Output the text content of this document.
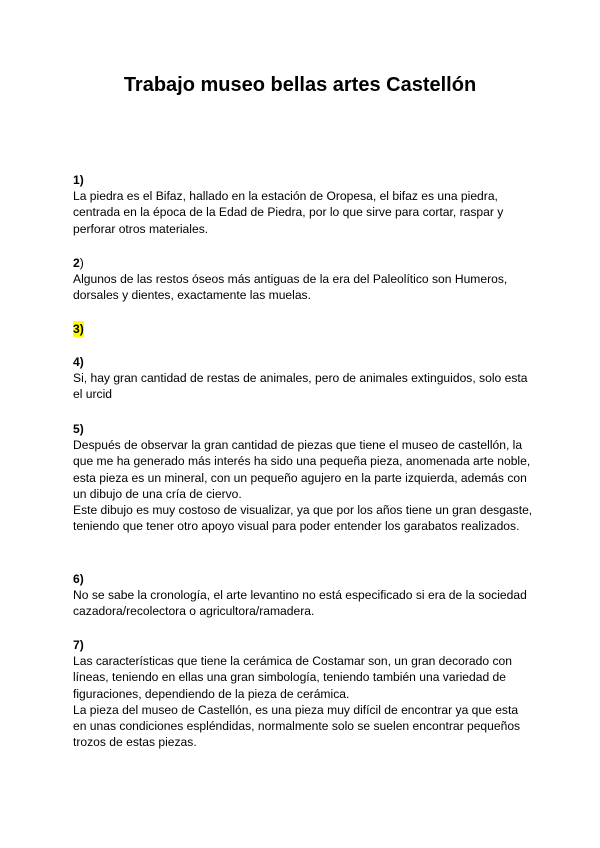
Trabajo museo bellas artes Castellón
1)

La piedra es el Bifaz, hallado en la estación de Oropesa, el bifaz es una piedra, centrada en la época de la Edad de Piedra, por lo que sirve para cortar, raspar y perforar otros materiales.

2)

Algunos de las restos óseos más antiguas de la era del Paleolítico son Humeros, dorsales y dientes, exactamente las muelas.

3)
4)

Si, hay gran cantidad de restas de animales, pero de animales extinguidos, solo esta el urcid

5)

Después de observar la gran cantidad de piezas que tiene el museo de castellón, la que me ha generado más interés ha sido una pequeña pieza, anomenada arte noble, esta pieza es un mineral, con un pequeño agujero en la parte izquierda, además con un dibujo de una cría de ciervo.

Este dibujo es muy costoso de visualizar, ya que por los años tiene un gran desgaste, teniendo que tener otro apoyo visual para poder entender los garabatos realizados.

6)

No se sabe la cronología, el arte levantino no está especificado si era de la sociedad cazadora/recolectora o agricultora/ramadera.

7)

Las características que tiene la cerámica de Costamar son, un gran decorado con líneas, teniendo en ellas una gran simbología, teniendo también una variedad de figuraciones, dependiendo de la pieza de cerámica.

La pieza del museo de Castellón, es una pieza muy difícil de encontrar ya que esta en unas condiciones espléndidas, normalmente solo se suelen encontrar pequeños trozos de estas piezas.
